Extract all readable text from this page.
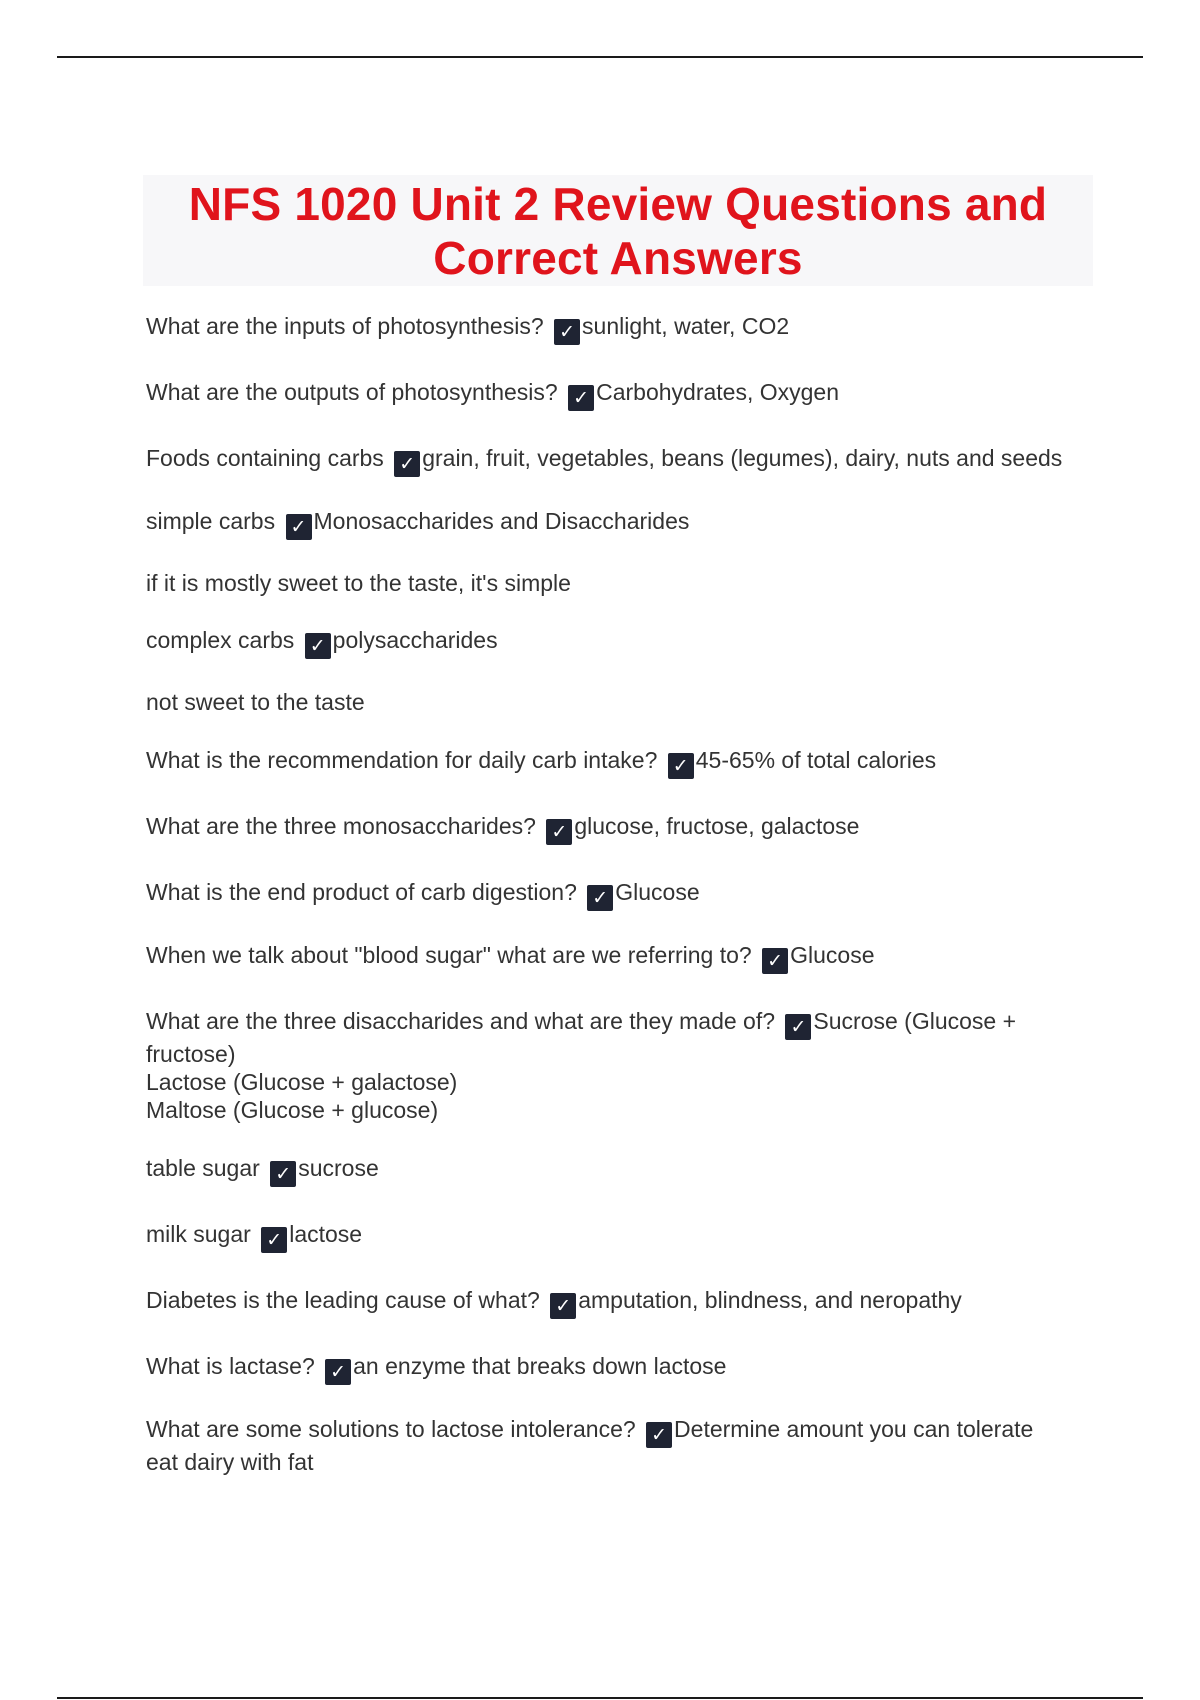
NFS 1020 Unit 2 Review Questions and
Correct Answers

What are the inputs of photosynthesis? ✓ sunlight, water, CO2

What are the outputs of photosynthesis? ✓ Carbohydrates, Oxygen

Foods containing carbs ✓ grain, fruit, vegetables, beans (legumes), dairy, nuts and seeds

simple carbs ✓ Monosaccharides and Disaccharides

if it is mostly sweet to the taste, it's simple

complex carbs ✓ polysaccharides

not sweet to the taste

What is the recommendation for daily carb intake? ✓ 45-65% of total calories

What are the three monosaccharides? ✓ glucose, fructose, galactose

What is the end product of carb digestion? ✓ Glucose

When we talk about "blood sugar" what are we referring to? ✓ Glucose

What are the three disaccharides and what are they made of? ✓ Sucrose (Glucose + fructose)
Lactose (Glucose + galactose)
Maltose (Glucose + glucose)

table sugar ✓ sucrose

milk sugar ✓ lactose

Diabetes is the leading cause of what? ✓ amputation, blindness, and neropathy

What is lactase? ✓ an enzyme that breaks down lactose

What are some solutions to lactose intolerance? ✓ Determine amount you can tolerate
eat dairy with fat
